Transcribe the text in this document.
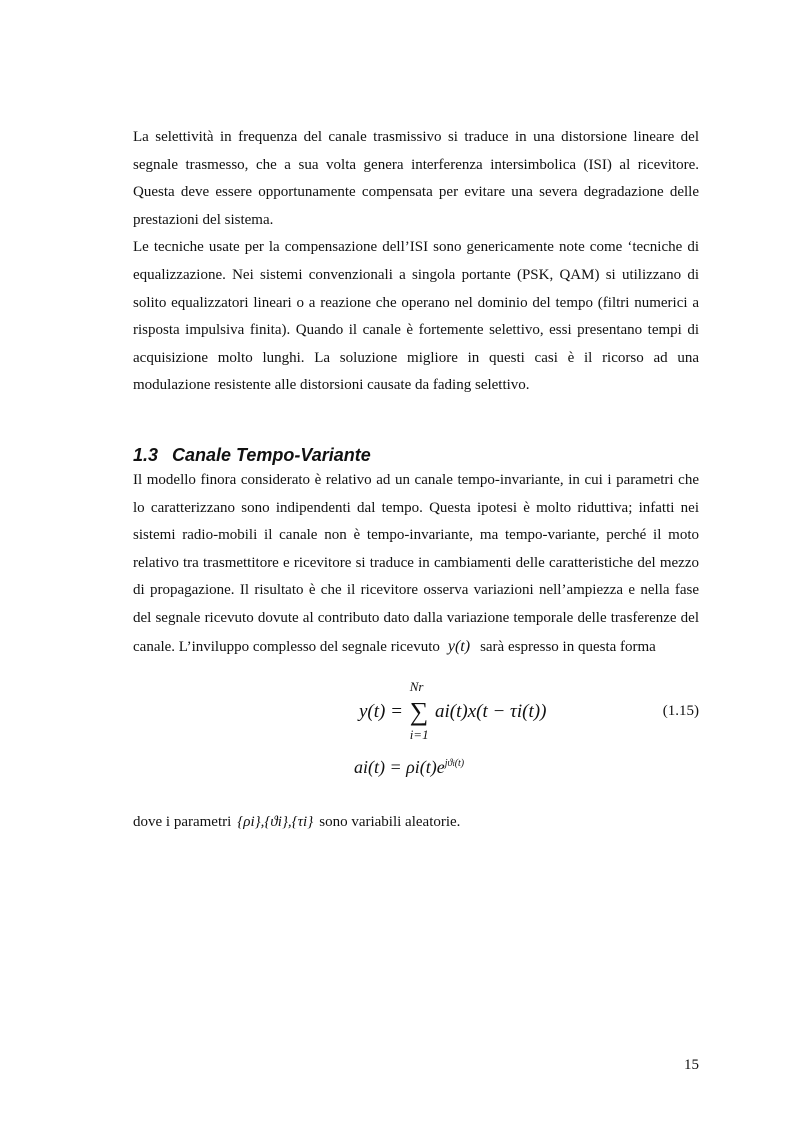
La selettività in frequenza del canale trasmissivo si traduce in una distorsione lineare del segnale trasmesso, che a sua volta genera interferenza intersimbolica (ISI) al ricevitore. Questa deve essere opportunamente compensata per evitare una severa degradazione delle prestazioni del sistema.

Le tecniche usate per la compensazione dell’ISI sono genericamente note come ‘tecniche di equalizzazione. Nei sistemi convenzionali a singola portante (PSK, QAM) si utilizzano di solito equalizzatori lineari o a reazione che operano nel dominio del tempo (filtri numerici a risposta impulsiva finita). Quando il canale è fortemente selettivo, essi presentano tempi di acquisizione molto lunghi. La soluzione migliore in questi casi è il ricorso ad una modulazione resistente alle distorsioni causate da fading selettivo.

1.3 Canale Tempo-Variante

Il modello finora considerato è relativo ad un canale tempo-invariante, in cui i parametri che lo caratterizzano sono indipendenti dal tempo. Questa ipotesi è molto riduttiva; infatti nei sistemi radio-mobili il canale non è tempo-invariante, ma tempo-variante, perché il moto relativo tra trasmettitore e ricevitore si traduce in cambiamenti delle caratteristiche del mezzo di propagazione. Il risultato è che il ricevitore osserva variazioni nell’ampiezza e nella fase del segnale ricevuto dovute al contributo dato dalla variazione temporale delle trasferenze del canale. L’inviluppo complesso del segnale ricevuto y(t) sarà espresso in questa forma

y(t) = ∑
Nr
i=1
ai(t)x(t − τi(t))	(1.15)
$ai(t) = \rho i(t)e^{jϑi(t)}$
dove i parametri {ρi},{ϑi},{τi} sono variabili aleatorie.
15
